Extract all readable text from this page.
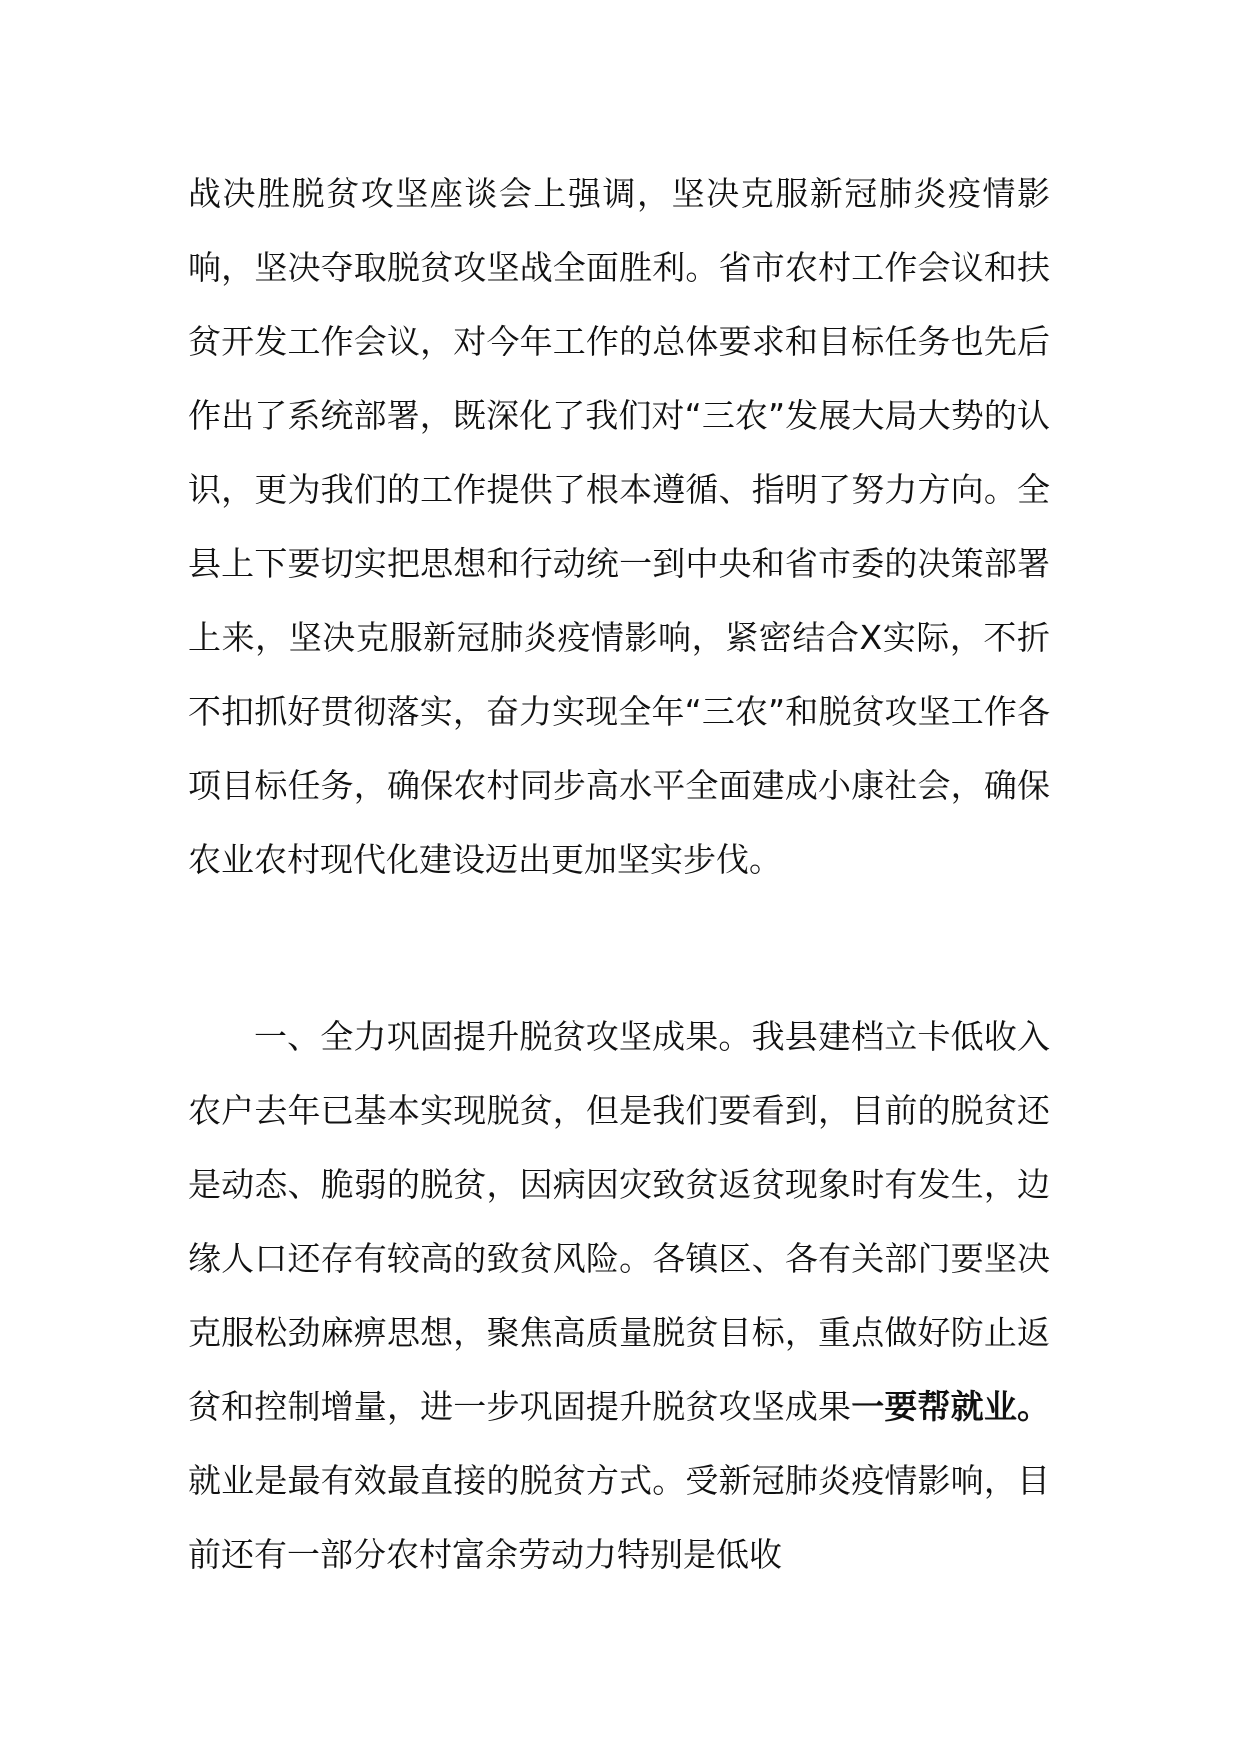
战决胜脱贫攻坚座谈会上强调，坚决克服新冠肺炎疫情影响，坚决夺取脱贫攻坚战全面胜利。省市农村工作会议和扶贫开发工作会议，对今年工作的总体要求和目标任务也先后作出了系统部署，既深化了我们对“三农”发展大局大势的认识，更为我们的工作提供了根本遵循、指明了努力方向。全县上下要切实把思想和行动统一到中央和省市委的决策部署上来，坚决克服新冠肺炎疫情影响，紧密结合X实际，不折不扣抓好贯彻落实，奋力实现全年“三农”和脱贫攻坚工作各项目标任务，确保农村同步高水平全面建成小康社会，确保农业农村现代化建设迈出更加坚实步伐。
一、全力巩固提升脱贫攻坚成果。我县建档立卡低收入农户去年已基本实现脱贫，但是我们要看到，目前的脱贫还是动态、脆弱的脱贫，因病因灾致贫返贫现象时有发生，边缘人口还存有较高的致贫风险。各镇区、各有关部门要坚决克服松劲麻痹思想，聚焦高质量脱贫目标，重点做好防止返贫和控制增量，进一步巩固提升脱贫攻坚成果一要帮就业。就业是最有效最直接的脱贫方式。受新冠肺炎疫情影响，目前还有一部分农村富余劳动力特别是低收
